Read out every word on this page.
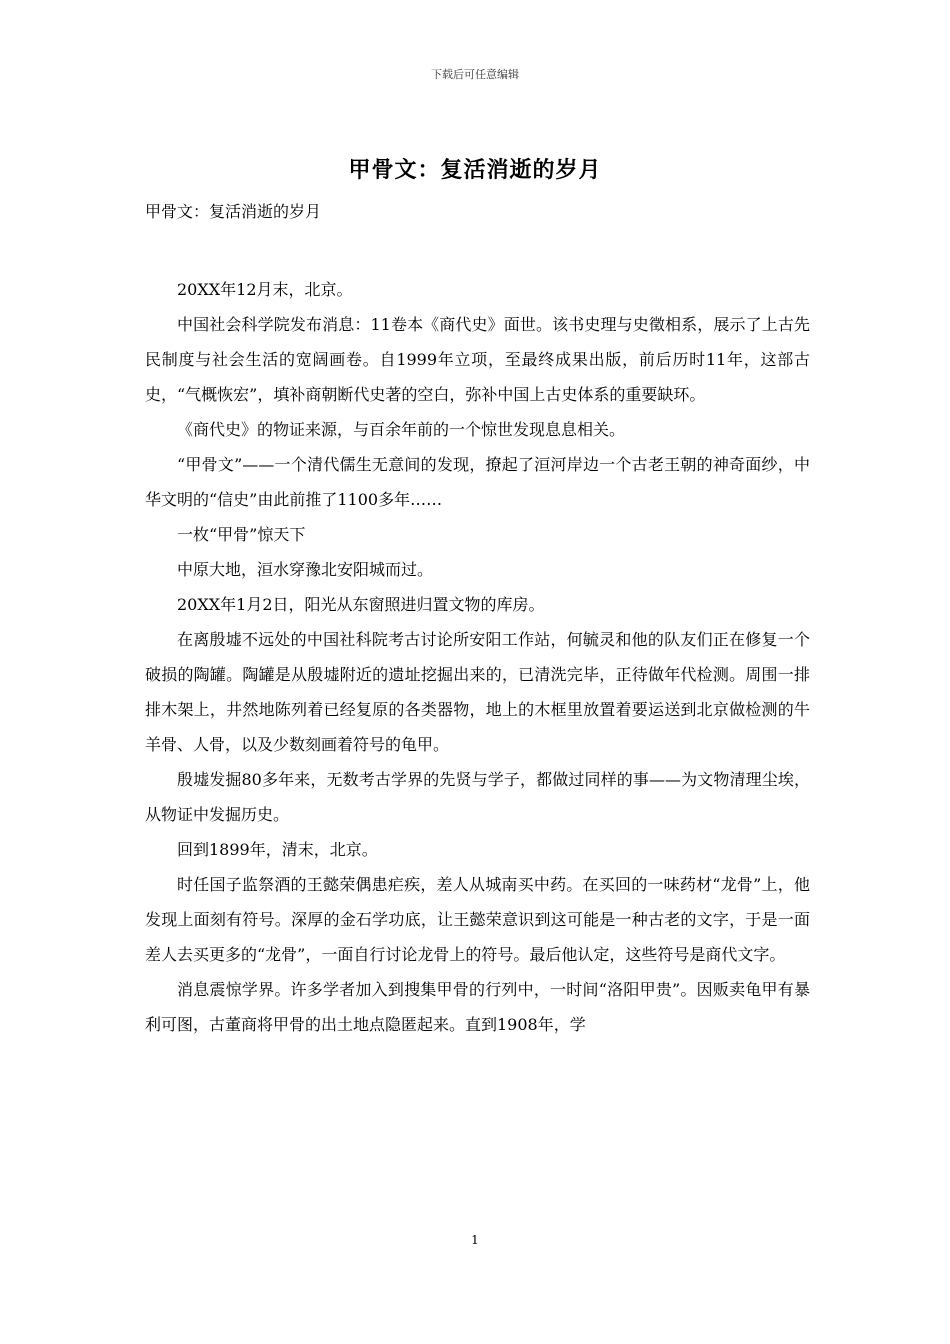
下载后可任意编辑
甲骨文：复活消逝的岁月
甲骨文：复活消逝的岁月

20XX年12月末，北京。

中国社会科学院发布消息：11卷本《商代史》面世。该书史理与史徵相系，展示了上古先民制度与社会生活的宽阔画卷。自1999年立项，至最终成果出版，前后历时11年，这部古史，“气概恢宏”，填补商朝断代史著的空白，弥补中国上古史体系的重要缺环。

《商代史》的物证来源，与百余年前的一个惊世发现息息相关。

“甲骨文”——一个清代儒生无意间的发现，撩起了洹河岸边一个古老王朝的神奇面纱，中华文明的“信史”由此前推了1100多年……

一枚“甲骨”惊天下

中原大地，洹水穿豫北安阳城而过。

20XX年1月2日，阳光从东窗照进归置文物的库房。

在离殷墟不远处的中国社科院考古讨论所安阳工作站，何毓灵和他的队友们正在修复一个破损的陶罐。陶罐是从殷墟附近的遗址挖掘出来的，已清洗完毕，正待做年代检测。周围一排排木架上，井然地陈列着已经复原的各类器物，地上的木框里放置着要运送到北京做检测的牛羊骨、人骨，以及少数刻画着符号的龟甲。

殷墟发掘80多年来，无数考古学界的先贤与学子，都做过同样的事——为文物清理尘埃，从物证中发掘历史。

回到1899年，清末，北京。

时任国子监祭酒的王懿荣偶患疟疾，差人从城南买中药。在买回的一味药材“龙骨”上，他发现上面刻有符号。深厚的金石学功底，让王懿荣意识到这可能是一种古老的文字，于是一面差人去买更多的“龙骨”，一面自行讨论龙骨上的符号。最后他认定，这些符号是商代文字。

消息震惊学界。许多学者加入到搜集甲骨的行列中，一时间“洛阳甲贵”。因贩卖龟甲有暴利可图，古董商将甲骨的出土地点隐匿起来。直到1908年，学

1
